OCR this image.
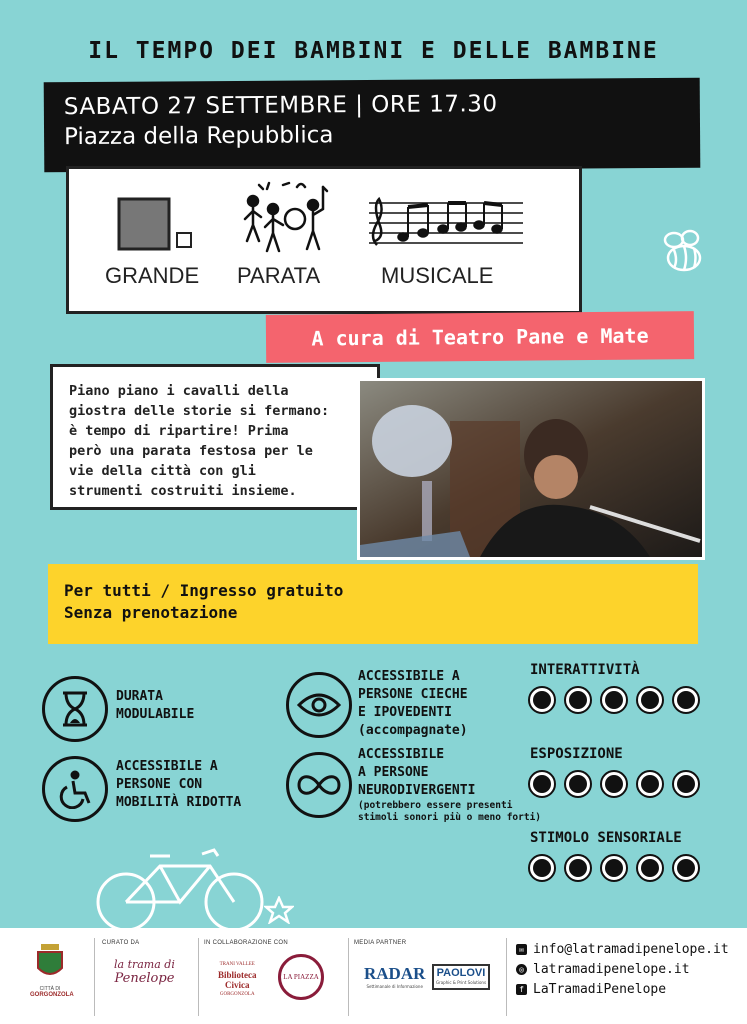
IL TEMPO DEI BAMBINI E DELLE BAMBINE
SABATO 27 SETTEMBRE | ORE 17.30
Piazza della Repubblica
GRANDE PARATA	MUSICALE
A cura di Teatro Pane e Mate
Piano piano i cavalli della
giostra delle storie si fermano:
è tempo di ripartire! Prima
però una parata festosa per le
vie della città con gli
strumenti costruiti insieme.
Per tutti / Ingresso gratuito
Senza prenotazione
DURATA
MODULABILE
ACCESSIBILE A
PERSONE CON
MOBILITÀ RIDOTTA
ACCESSIBILE A
PERSONE CIECHE
E IPOVEDENTI
(accompagnate)
ACCESSIBILE
A PERSONE
NEURODIVERGENTI
(potrebbero essere presenti
stimoli sonori più o meno forti)
INTERATTIVITÀ
ESPOSIZIONE
STIMOLO SENSORIALE
CITTÀ DI
GORGONZOLA
CURATO DA
la trama di
Penelope
IN COLLABORAZIONE CON
TRANI VALLEE
Biblioteca
Civica
GORGONZOLA
LA PIAZZA
MEDIA PARTNER
RADAR
Settimanale di Informazione
PAOLOVI
Graphic & Print Solutions
✉ info@latramadipenelope.it
◎ latramadipenelope.it
f LaTramadiPenelope
